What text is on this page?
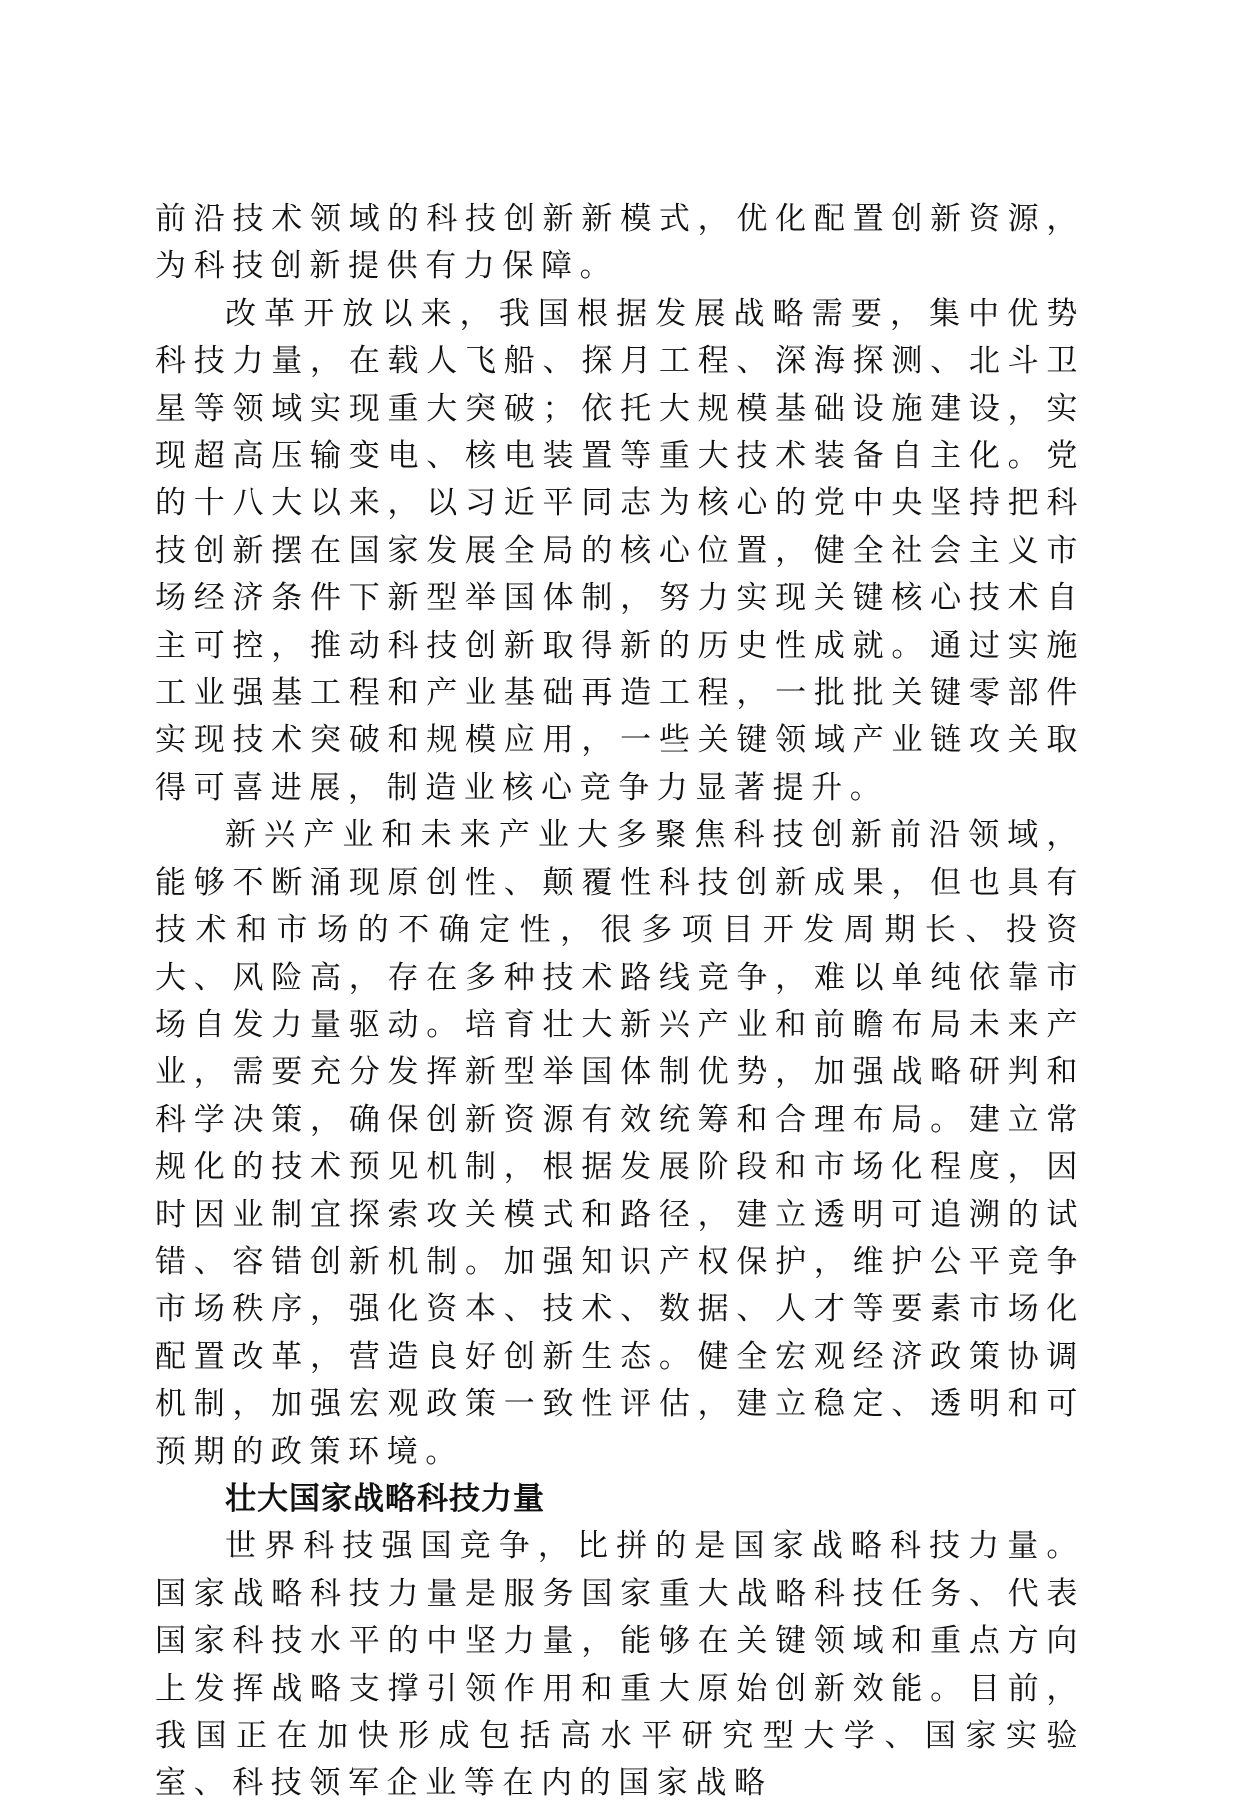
前沿技术领域的科技创新新模式，优化配置创新资源，为科技创新提供有力保障。

改革开放以来，我国根据发展战略需要，集中优势科技力量，在载人飞船、探月工程、深海探测、北斗卫星等领域实现重大突破；依托大规模基础设施建设，实现超高压输变电、核电装置等重大技术装备自主化。党的十八大以来，以习近平同志为核心的党中央坚持把科技创新摆在国家发展全局的核心位置，健全社会主义市场经济条件下新型举国体制，努力实现关键核心技术自主可控，推动科技创新取得新的历史性成就。通过实施工业强基工程和产业基础再造工程，一批批关键零部件实现技术突破和规模应用，一些关键领域产业链攻关取得可喜进展，制造业核心竞争力显著提升。

新兴产业和未来产业大多聚焦科技创新前沿领域，能够不断涌现原创性、颠覆性科技创新成果，但也具有技术和市场的不确定性，很多项目开发周期长、投资大、风险高，存在多种技术路线竞争，难以单纯依靠市场自发力量驱动。培育壮大新兴产业和前瞻布局未来产业，需要充分发挥新型举国体制优势，加强战略研判和科学决策，确保创新资源有效统筹和合理布局。建立常规化的技术预见机制，根据发展阶段和市场化程度，因时因业制宜探索攻关模式和路径，建立透明可追溯的试错、容错创新机制。加强知识产权保护，维护公平竞争市场秩序，强化资本、技术、数据、人才等要素市场化配置改革，营造良好创新生态。健全宏观经济政策协调机制，加强宏观政策一致性评估，建立稳定、透明和可预期的政策环境。

壮大国家战略科技力量

世界科技强国竞争，比拼的是国家战略科技力量。国家战略科技力量是服务国家重大战略科技任务、代表国家科技水平的中坚力量，能够在关键领域和重点方向上发挥战略支撑引领作用和重大原始创新效能。目前，我国正在加快形成包括高水平研究型大学、国家实验室、科技领军企业等在内的国家战略
